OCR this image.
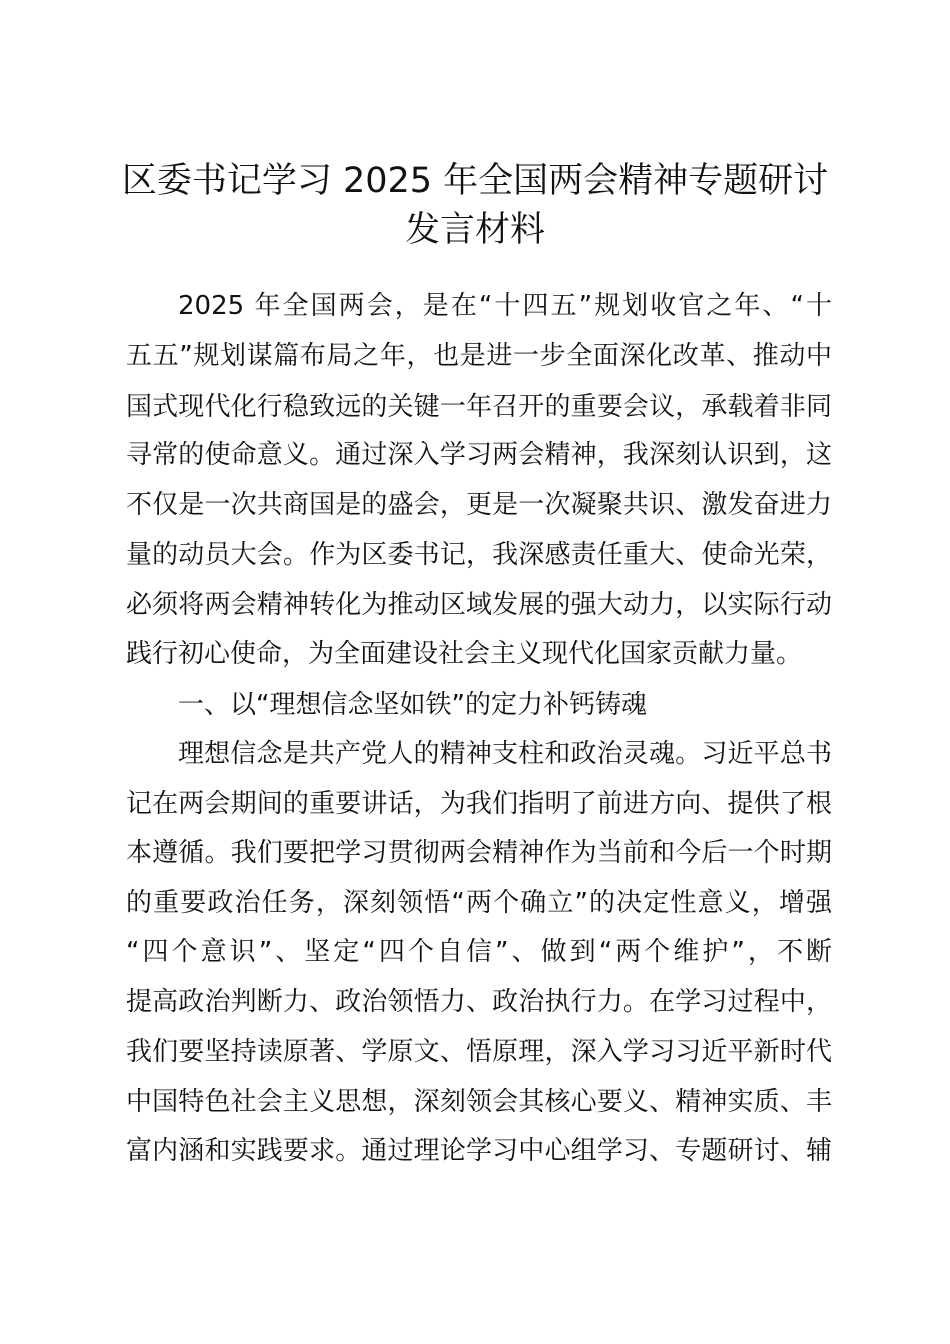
区委书记学习 2025 年全国两会精神专题研讨
发言材料

2025 年全国两会，是在“十四五”规划收官之年、“十

五五”规划谋篇布局之年，也是进一步全面深化改革、推动中

国式现代化行稳致远的关键一年召开的重要会议，承载着非同

寻常的使命意义。通过深入学习两会精神，我深刻认识到，这

不仅是一次共商国是的盛会，更是一次凝聚共识、激发奋进力

量的动员大会。作为区委书记，我深感责任重大、使命光荣，

必须将两会精神转化为推动区域发展的强大动力，以实际行动

践行初心使命，为全面建设社会主义现代化国家贡献力量。

一、以“理想信念坚如铁”的定力补钙铸魂

理想信念是共产党人的精神支柱和政治灵魂。习近平总书

记在两会期间的重要讲话，为我们指明了前进方向、提供了根

本遵循。我们要把学习贯彻两会精神作为当前和今后一个时期

的重要政治任务，深刻领悟“两个确立”的决定性意义，增强

“四个意识”、坚定“四个自信”、做到“两个维护”，不断

提高政治判断力、政治领悟力、政治执行力。在学习过程中，

我们要坚持读原著、学原文、悟原理，深入学习习近平新时代

中国特色社会主义思想，深刻领会其核心要义、精神实质、丰

富内涵和实践要求。通过理论学习中心组学习、专题研讨、辅
